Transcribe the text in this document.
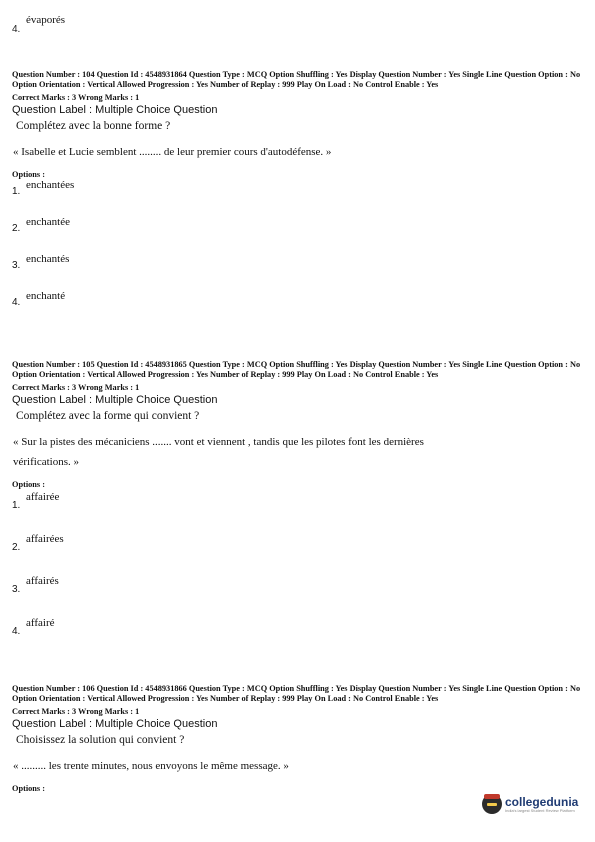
4.
évaporés
Question Number : 104 Question Id : 4548931864 Question Type : MCQ Option Shuffling : Yes Display Question Number : Yes Single Line Question Option : No Option Orientation : Vertical Allowed Progression : Yes Number of Replay : 999 Play On Load : No Control Enable : Yes
Correct Marks : 3 Wrong Marks : 1
Question Label : Multiple Choice Question
Complétez avec la bonne forme ?
« Isabelle et Lucie semblent ........ de leur premier cours d'autodéfense. »
Options :
1.
enchantées
2.
enchantée
3.
enchantés
4.
enchanté
Question Number : 105 Question Id : 4548931865 Question Type : MCQ Option Shuffling : Yes Display Question Number : Yes Single Line Question Option : No Option Orientation : Vertical Allowed Progression : Yes Number of Replay : 999 Play On Load : No Control Enable : Yes
Correct Marks : 3 Wrong Marks : 1
Question Label : Multiple Choice Question
Complétez avec la forme qui convient ?
« Sur la pistes des mécaniciens ....... vont et viennent , tandis que les pilotes font les dernières vérifications. »
Options :
1.
affairée
2.
affairées
3.
affairés
4.
affairé
Question Number : 106 Question Id : 4548931866 Question Type : MCQ Option Shuffling : Yes Display Question Number : Yes Single Line Question Option : No Option Orientation : Vertical Allowed Progression : Yes Number of Replay : 999 Play On Load : No Control Enable : Yes
Correct Marks : 3 Wrong Marks : 1
Question Label : Multiple Choice Question
Choisissez la solution qui convient ?
« ......... les trente minutes, nous envoyons le même message. »
Options :
collegedunia
India's largest Student Review Platform
